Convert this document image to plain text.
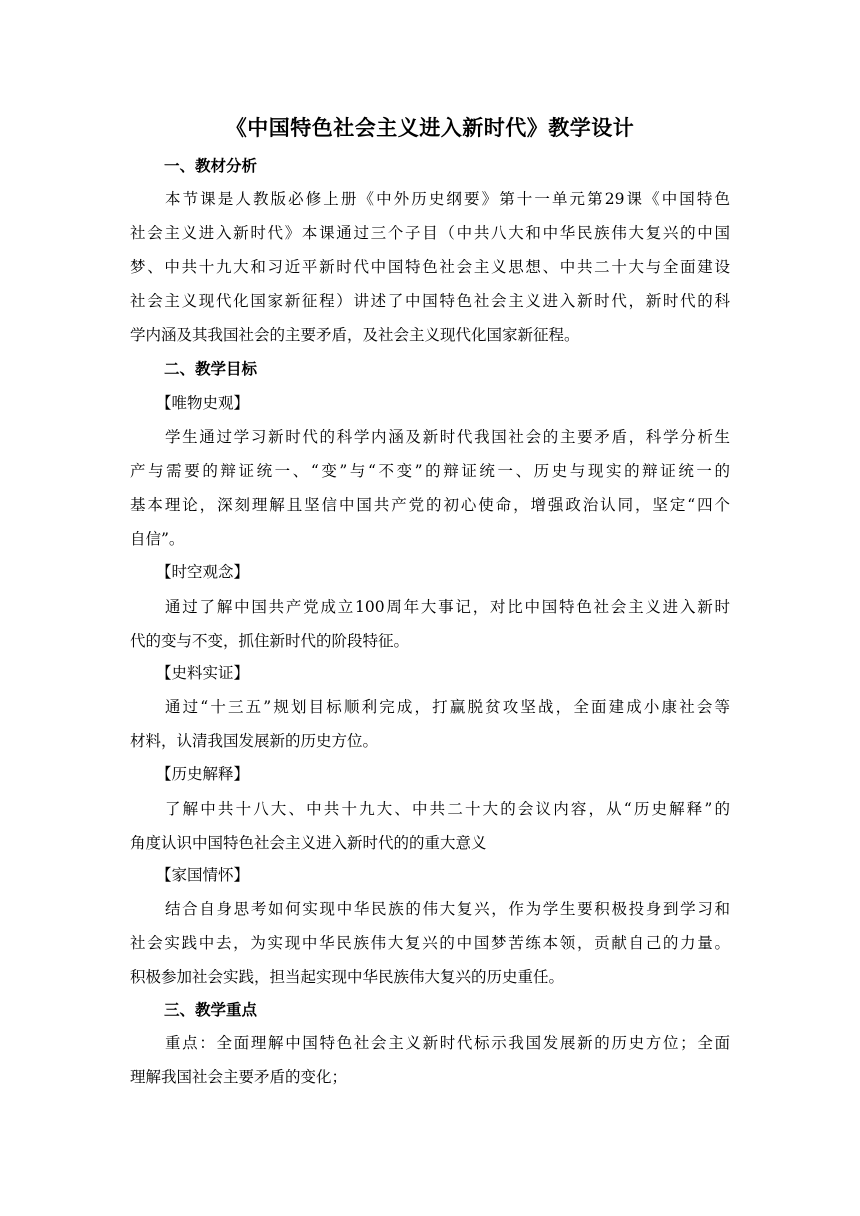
《中国特色社会主义进入新时代》教学设计
一、教材分析
本节课是人教版必修上册《中外历史纲要》第十一单元第29课《中国特色
社会主义进入新时代》本课通过三个子目（中共八大和中华民族伟大复兴的中国
梦、中共十九大和习近平新时代中国特色社会主义思想、中共二十大与全面建设
社会主义现代化国家新征程）讲述了中国特色社会主义进入新时代，新时代的科
学内涵及其我国社会的主要矛盾，及社会主义现代化国家新征程。
二、教学目标
【唯物史观】
学生通过学习新时代的科学内涵及新时代我国社会的主要矛盾，科学分析生
产与需要的辩证统一、“变”与“不变”的辩证统一、历史与现实的辩证统一的
基本理论，深刻理解且坚信中国共产党的初心使命，增强政治认同，坚定“四个
自信”。
【时空观念】
通过了解中国共产党成立100周年大事记，对比中国特色社会主义进入新时
代的变与不变，抓住新时代的阶段特征。
【史料实证】
通过“十三五”规划目标顺利完成，打赢脱贫攻坚战，全面建成小康社会等
材料，认清我国发展新的历史方位。
【历史解释】
了解中共十八大、中共十九大、中共二十大的会议内容，从“历史解释”的
角度认识中国特色社会主义进入新时代的的重大意义
【家国情怀】
结合自身思考如何实现中华民族的伟大复兴，作为学生要积极投身到学习和
社会实践中去，为实现中华民族伟大复兴的中国梦苦练本领，贡献自己的力量。
积极参加社会实践，担当起实现中华民族伟大复兴的历史重任。
三、教学重点
重点：全面理解中国特色社会主义新时代标示我国发展新的历史方位；全面
理解我国社会主要矛盾的变化；
